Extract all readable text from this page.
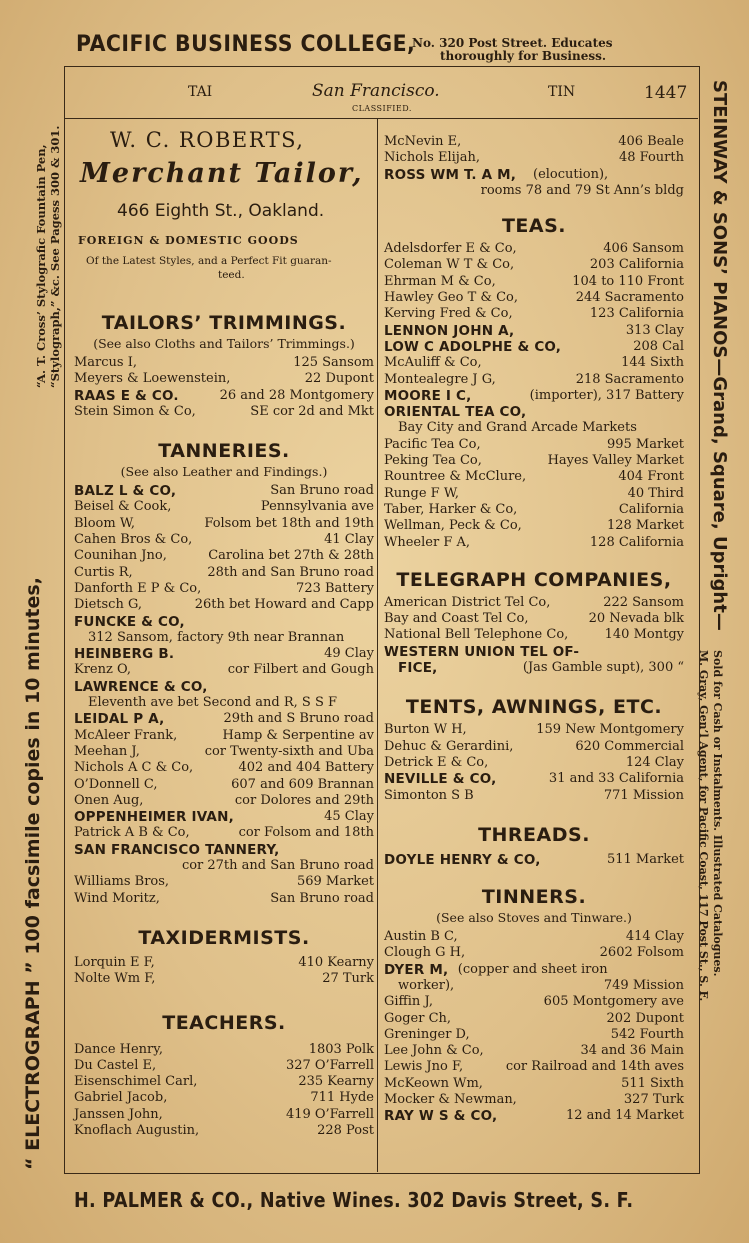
PACIFIC BUSINESS COLLEGE,
No. 320 Post Street. Educates
thoroughly for Business.
“ ELECTROGRAPH ” 100 facsimile copies in 10 minutes,
“A. T. Cross’ Stylografic Fountain Pen, “Stylograph,” &c. See Pagess 300 & 301.	STEINWAY & SONS’ PIANOS—Grand, Square, Upright—
Sold for Cash or Instalments. Illustrated Catalogues.
M. Gray, Gen’l Agent, for Pacific Coast, 117 Post St., S. F.
TAI	San Francisco.
CLASSIFIED.
TIN	1447
W. C. ROBERTS,
Merchant Tailor,
466 Eighth St., Oakland.
FOREIGN & DOMESTIC GOODS
Of the Latest Styles, and a Perfect Fit guaran-
teed.
TAILORS’ TRIMMINGS.
(See also Cloths and Tailors’ Trimmings.)
Marcus I,	125 Sansom
Meyers & Loewenstein,	22 Dupont
RAAS E & CO.	26 and 28 Montgomery
Stein Simon & Co,	SE cor 2d and Mkt
TANNERIES.
(See also Leather and Findings.)
BALZ L & CO,	San Bruno road
Beisel & Cook,	Pennsylvania ave
Bloom W,	Folsom bet 18th and 19th
Cahen Bros & Co,	41 Clay
Counihan Jno,	Carolina bet 27th & 28th
Curtis R,	28th and San Bruno road
Danforth E P & Co,	723 Battery
Dietsch G,	26th bet Howard and Capp
FUNCKE & CO,
312 Sansom, factory 9th near Brannan
HEINBERG B.	49 Clay
Krenz O,	cor Filbert and Gough
LAWRENCE & CO,
Eleventh ave bet Second and R, S S F
LEIDAL P A,	29th and S Bruno road
McAleer Frank,	Hamp & Serpentine av
Meehan J,	cor Twenty-sixth and Uba
Nichols A C & Co,	402 and 404 Battery
O’Donnell C,	607 and 609 Brannan
Onen Aug,	cor Dolores and 29th
OPPENHEIMER IVAN,	45 Clay
Patrick A B & Co,	cor Folsom and 18th
SAN FRANCISCO TANNERY,
cor 27th and San Bruno road
Williams Bros,	569 Market
Wind Moritz,	San Bruno road
TAXIDERMISTS.
Lorquin E F,	410 Kearny
Nolte Wm F,	27 Turk
TEACHERS.
Dance Henry,	1803 Polk
Du Castel E,	327 O’Farrell
Eisenschimel Carl,	235 Kearny
Gabriel Jacob,	711 Hyde
Janssen John,	419 O’Farrell
Knoflach Augustin,	228 Post
McNevin E,	406 Beale
Nichols Elijah,	48 Fourth
ROSS WM T. A M, (elocution),
rooms 78 and 79 St Ann’s bldg
TEAS.
Adelsdorfer E & Co,	406 Sansom
Coleman W T & Co,	203 California
Ehrman M & Co,	104 to 110 Front
Hawley Geo T & Co,	244 Sacramento
Kerving Fred & Co,	123 California
LENNON JOHN A,	313 Clay
LOW C ADOLPHE & CO,	208 Cal
McAuliff & Co,	144 Sixth
Montealegre J G,	218 Sacramento
MOORE I C,	(importer), 317 Battery
ORIENTAL TEA CO,
Bay City and Grand Arcade Markets
Pacific Tea Co,	995 Market
Peking Tea Co,	Hayes Valley Market
Rountree & McClure,	404 Front
Runge F W,	40 Third
Taber, Harker & Co,	California
Wellman, Peck & Co,	128 Market
Wheeler F A,	128 California
TELEGRAPH COMPANIES,
American District Tel Co,	222 Sansom
Bay and Coast Tel Co,	20 Nevada blk
National Bell Telephone Co,	140 Montgy
WESTERN UNION TEL OF-
FICE,	(Jas Gamble supt), 300 “
TENTS, AWNINGS, ETC.
Burton W H,	159 New Montgomery
Dehuc & Gerardini,	620 Commercial
Detrick E & Co,	124 Clay
NEVILLE & CO,	31 and 33 California
Simonton S B	771 Mission
THREADS.
DOYLE HENRY & CO,	511 Market
TINNERS.
(See also Stoves and Tinware.)
Austin B C,	414 Clay
Clough G H,	2602 Folsom
DYER M, (copper and sheet iron
worker),	749 Mission
Giffin J,	605 Montgomery ave
Goger Ch,	202 Dupont
Greninger D,	542 Fourth
Lee John & Co,	34 and 36 Main
Lewis Jno F,	cor Railroad and 14th aves
McKeown Wm,	511 Sixth
Mocker & Newman,	327 Turk
RAY W S & CO,	12 and 14 Market
H. PALMER & CO., Native Wines. 302 Davis Street, S. F.
